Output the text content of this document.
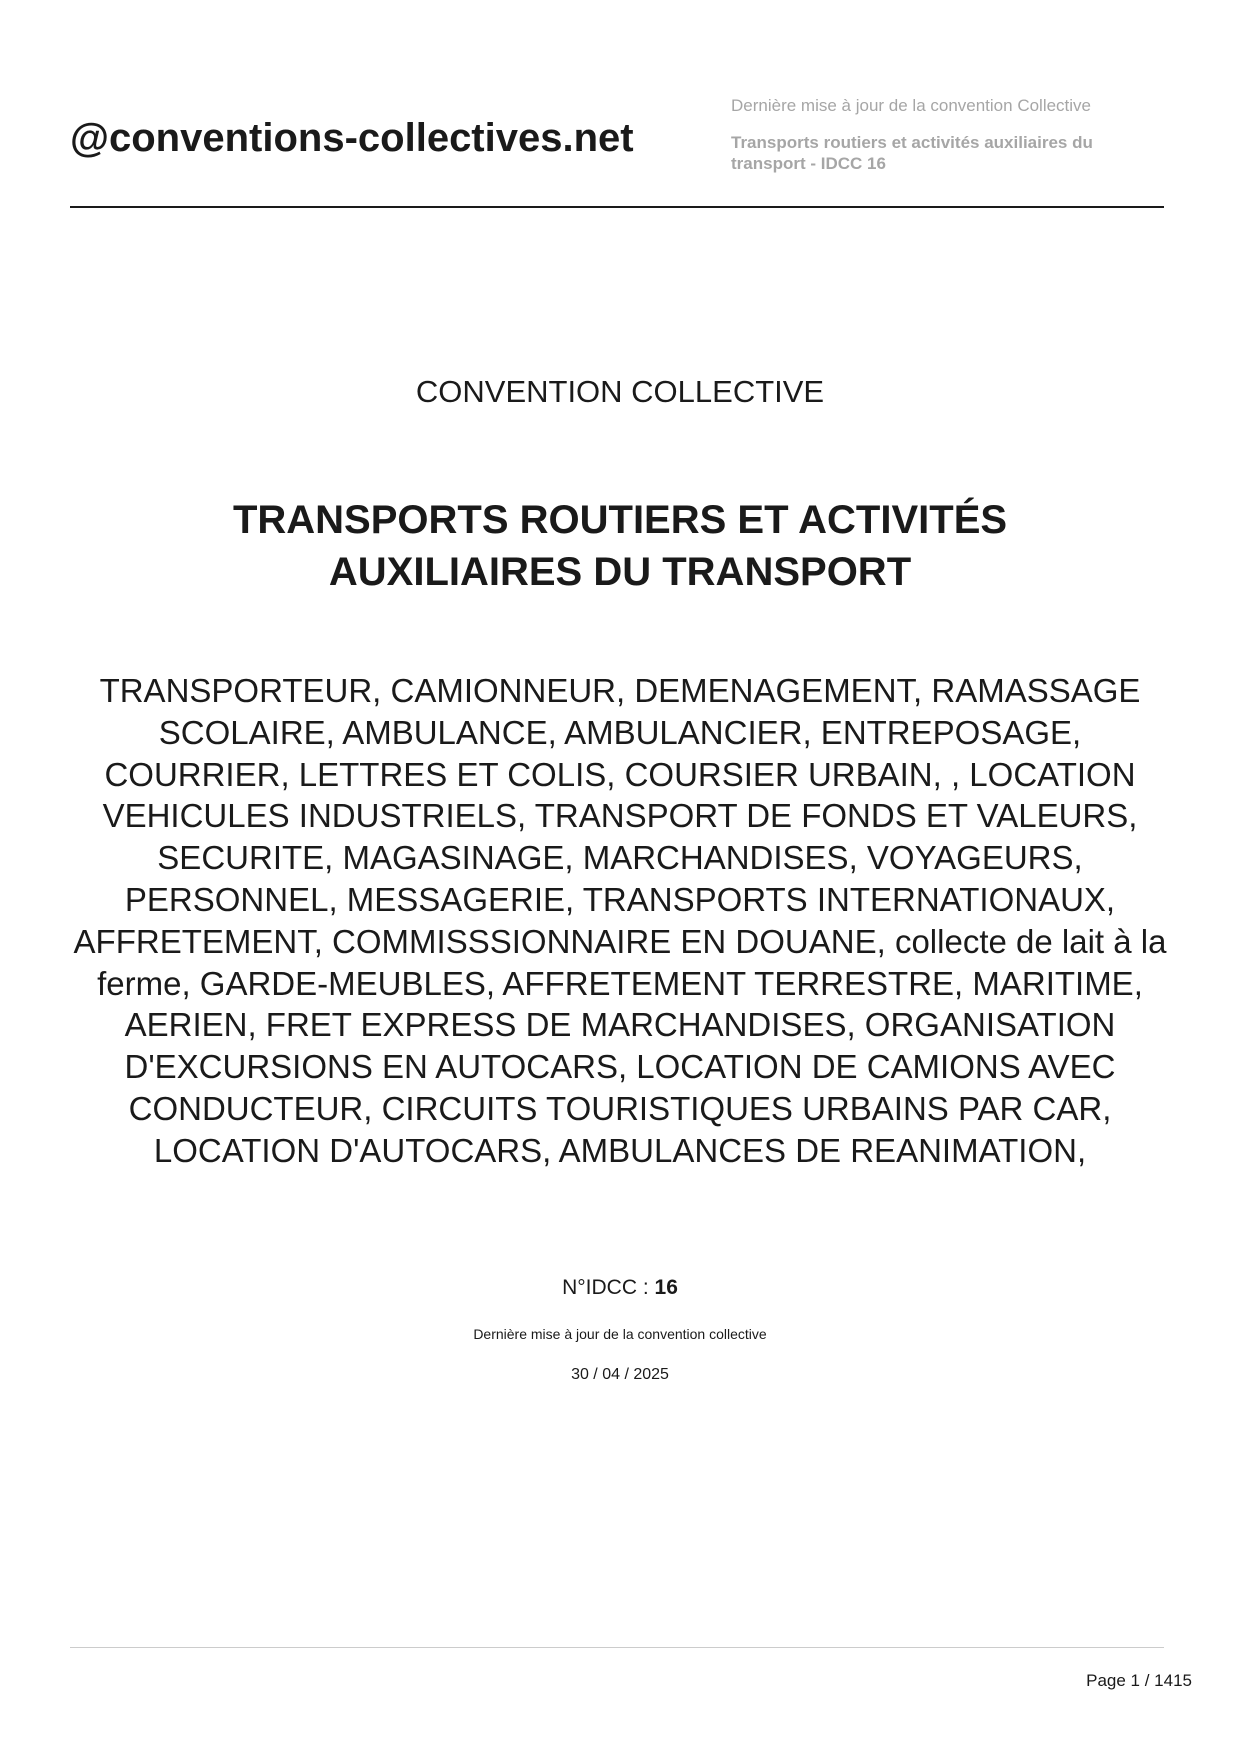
@conventions-collectives.net
Dernière mise à jour de la convention Collective
Transports routiers et activités auxiliaires du transport - IDCC 16
CONVENTION COLLECTIVE
TRANSPORTS ROUTIERS ET ACTIVITÉS AUXILIAIRES DU TRANSPORT
TRANSPORTEUR, CAMIONNEUR, DEMENAGEMENT, RAMASSAGE SCOLAIRE, AMBULANCE, AMBULANCIER, ENTREPOSAGE, COURRIER, LETTRES ET COLIS, COURSIER URBAIN, , LOCATION VEHICULES INDUSTRIELS, TRANSPORT DE FONDS ET VALEURS, SECURITE, MAGASINAGE, MARCHANDISES, VOYAGEURS, PERSONNEL, MESSAGERIE, TRANSPORTS INTERNATIONAUX, AFFRETEMENT, COMMISSSIONNAIRE EN DOUANE, collecte de lait à la ferme, GARDE-MEUBLES, AFFRETEMENT TERRESTRE, MARITIME, AERIEN, FRET EXPRESS DE MARCHANDISES, ORGANISATION D'EXCURSIONS EN AUTOCARS, LOCATION DE CAMIONS AVEC CONDUCTEUR, CIRCUITS TOURISTIQUES URBAINS PAR CAR, LOCATION D'AUTOCARS, AMBULANCES DE REANIMATION,
N°IDCC : 16
Dernière mise à jour de la convention collective
30 / 04 / 2025
Page 1 / 1415
